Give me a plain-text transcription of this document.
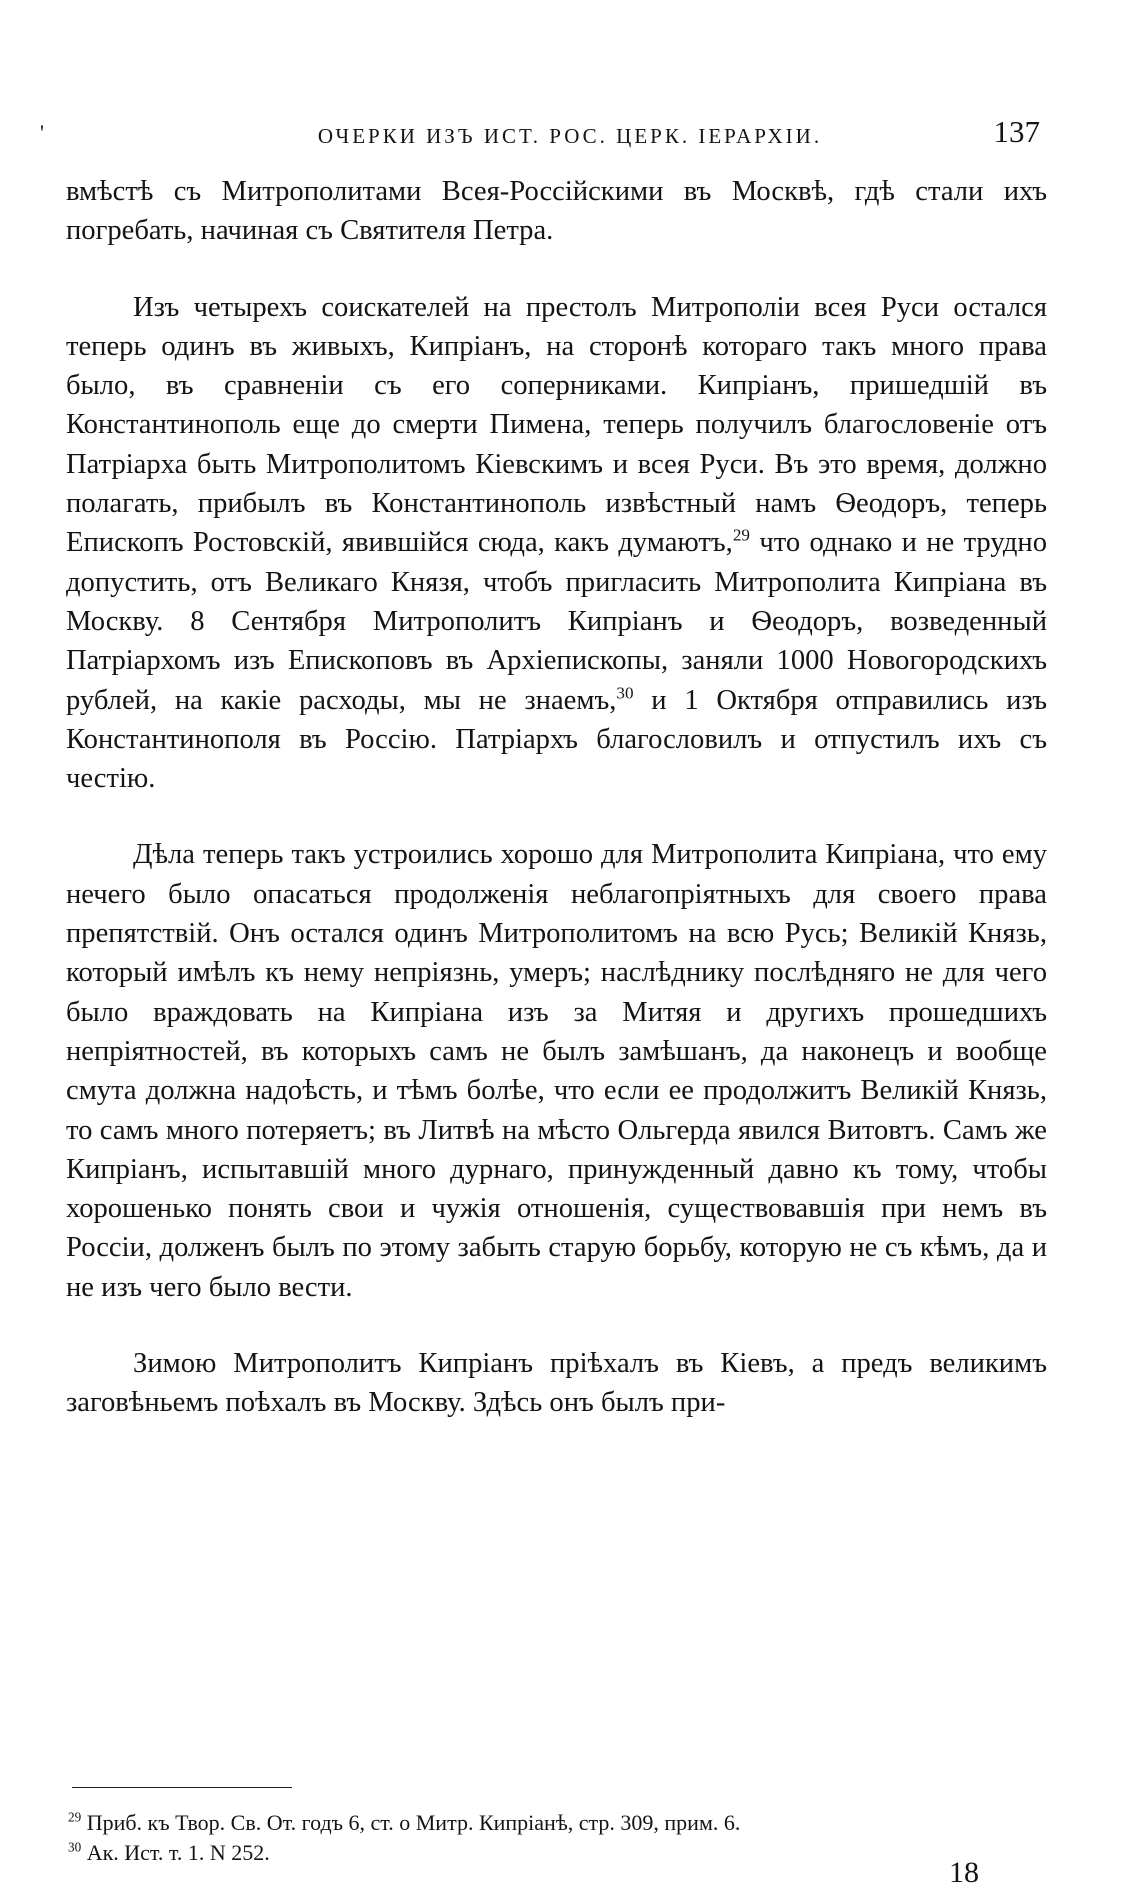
'	ОЧЕРКИ ИЗЪ ИСТ. РОС. ЦЕРК. ІЕРАРХІИ.	137

вмѣстѣ съ Митрополитами Всея-Россійскими въ Москвѣ, гдѣ стали ихъ погребать, начиная съ Святителя Петра.

Изъ четырехъ соискателей на престолъ Митрополіи всея Руси остался теперь одинъ въ живыхъ, Кипріанъ, на сторонѣ котораго такъ много права было, въ сравненіи съ его соперниками. Кипріанъ, пришедшій въ Константинополь еще до смерти Пимена, теперь получилъ благословеніе отъ Патріарха быть Митрополитомъ Кіевскимъ и всея Руси. Въ это время, должно полагать, прибылъ въ Константинополь извѣстный намъ Ѳеодоръ, теперь Епископъ Ростовскій, явившійся сюда, какъ думаютъ,$^{29}$ что однако и не трудно допустить, отъ Великаго Князя, чтобъ пригласить Митрополита Кипріана въ Москву. 8 Сентября Митрополитъ Кипріанъ и Ѳеодоръ, возведенный Патріархомъ изъ Епископовъ въ Архіепископы, заняли 1000 Новогородскихъ рублей, на какіе расходы, мы не знаемъ,$^{30}$ и 1 Октября отправились изъ Константинополя въ Россію. Патріархъ благословилъ и отпустилъ ихъ съ честію.

Дѣла теперь такъ устроились хорошо для Митрополита Кипріана, что ему нечего было опасаться продолженія неблагопріятныхъ для своего права препятствій. Онъ остался одинъ Митрополитомъ на всю Русь; Великій Князь, который имѣлъ къ нему непріязнь, умеръ; наслѣднику послѣдняго не для чего было враждовать на Кипріана изъ за Митяя и другихъ прошедшихъ непріятностей, въ которыхъ самъ не былъ замѣшанъ, да наконецъ и вообще смута должна надоѣсть, и тѣмъ болѣе, что если ее продолжитъ Великій Князь, то самъ много потеряетъ; въ Литвѣ на мѣсто Ольгерда явился Витовтъ. Самъ же Кипріанъ, испытавшій много дурнаго, принужденный давно къ тому, чтобы хорошенько понять свои и чужія отношенія, существовавшія при немъ въ Россіи, долженъ былъ по этому забыть старую борьбу, которую не съ кѣмъ, да и не изъ чего было вести.

Зимою Митрополитъ Кипріанъ пріѣхалъ въ Кіевъ, а предъ великимъ заговѣньемъ поѣхалъ въ Москву. Здѣсь онъ былъ при-

$^{29}$ Приб. къ Твор. Св. От. годъ 6, ст. о Митр. Кипріанѣ, стр. 309, прим. 6.
$^{30}$ Ак. Ист. т. 1. N 252.
18
